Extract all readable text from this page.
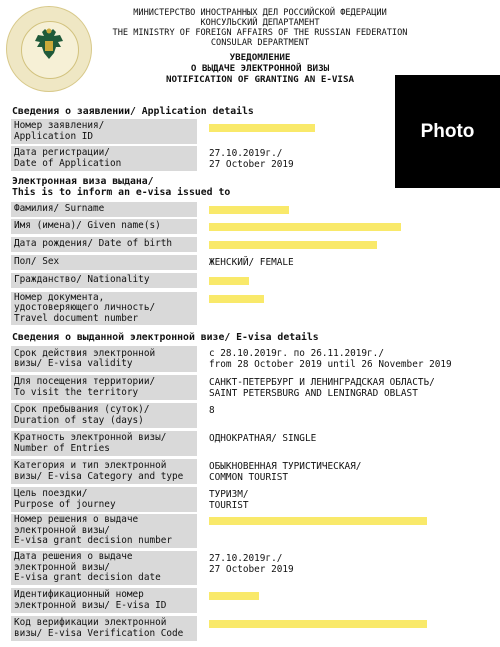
МИНИСТЕРСТВО ИНОСТРАННЫХ ДЕЛ РОССИЙСКОЙ ФЕДЕРАЦИИ
КОНСУЛЬСКИЙ ДЕПАРТАМЕНТ
THE MINISTRY OF FOREIGN AFFAIRS OF THE RUSSIAN FEDERATION
CONSULAR DEPARTMENT
УВЕДОМЛЕНИЕ
О ВЫДАЧЕ ЭЛЕКТРОННОЙ ВИЗЫ
NOTIFICATION OF GRANTING AN E-VISA
Photo
Сведения о заявлении/ Application details
Номер заявления/
Application ID
Дата регистрации/
Date of Application
27.10.2019г./
27 October 2019
Электронная виза выдана/
This is to inform an e-visa issued to
Фамилия/ Surname
Имя (имена)/ Given name(s)
Дата рождения/ Date of birth
Пол/ Sex	ЖЕНСКИЙ/ FEMALE
Гражданство/ Nationality
Номер документа,
удостоверяющего личность/
Travel document number
Сведения о выданной электронной визе/ E-visa details
Срок действия электронной
визы/ E-visa validity
с 28.10.2019г. по 26.11.2019г./
from 28 October 2019 until 26 November 2019
Для посещения территории/
To visit the territory
САНКТ-ПЕТЕРБУРГ И ЛЕНИНГРАДСКАЯ ОБЛАСТЬ/
SAINT PETERSBURG AND LENINGRAD OBLAST
Срок пребывания (суток)/
Duration of stay (days)
8
Кратность электронной визы/
Number of Entries
ОДНОКРАТНАЯ/ SINGLE
Категория и тип электронной
визы/ E-visa Category and type
ОБЫКНОВЕННАЯ ТУРИСТИЧЕСКАЯ/
COMMON TOURIST
Цель поездки/
Purpose of journey
ТУРИЗМ/
TOURIST
Номер решения о выдаче
электронной визы/
E-visa grant decision number
Дата решения о выдаче
электронной визы/
E-visa grant decision date
27.10.2019г./
27 October 2019
Идентификационный номер
электронной визы/ E-visa ID
Код верификации электронной
визы/ E-visa Verification Code
